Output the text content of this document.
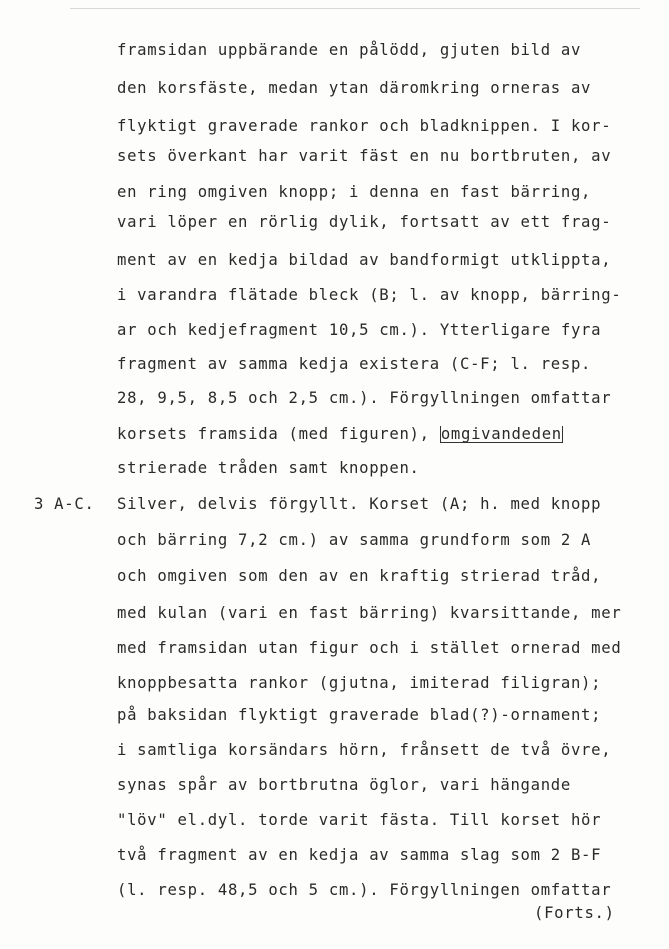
framsidan uppbärande en pålödd, gjuten bild av
den korsfäste, medan ytan däromkring orneras av
flyktigt graverade rankor och bladknippen. I kor-
sets överkant har varit fäst en nu bortbruten, av
en ring omgiven knopp; i denna en fast bärring,
vari löper en rörlig dylik, fortsatt av ett frag-
ment av en kedja bildad av bandformigt utklippta,
i varandra flätade bleck (B; l. av knopp, bärring-
ar och kedjefragment 10,5 cm.). Ytterligare fyra
fragment av samma kedja existera (C-F; l. resp.
28, 9,5, 8,5 och 2,5 cm.). Förgyllningen omfattar
korsets framsida (med figuren), omgivandeden
strierade tråden samt knoppen.
3 A-C. Silver, delvis förgyllt. Korset (A; h. med knopp
och bärring 7,2 cm.) av samma grundform som 2 A
och omgiven som den av en kraftig strierad tråd,
med kulan (vari en fast bärring) kvarsittande, mer
med framsidan utan figur och i stället ornerad med
knoppbesatta rankor (gjutna, imiterad filigran);
på baksidan flyktigt graverade blad(?)-ornament;
i samtliga korsändars hörn, frånsett de två övre,
synas spår av bortbrutna öglor, vari hängande
"löv" el.dyl. torde varit fästa. Till korset hör
två fragment av en kedja av samma slag som 2 B-F
(l. resp. 48,5 och 5 cm.). Förgyllningen omfattar
(Forts.)
